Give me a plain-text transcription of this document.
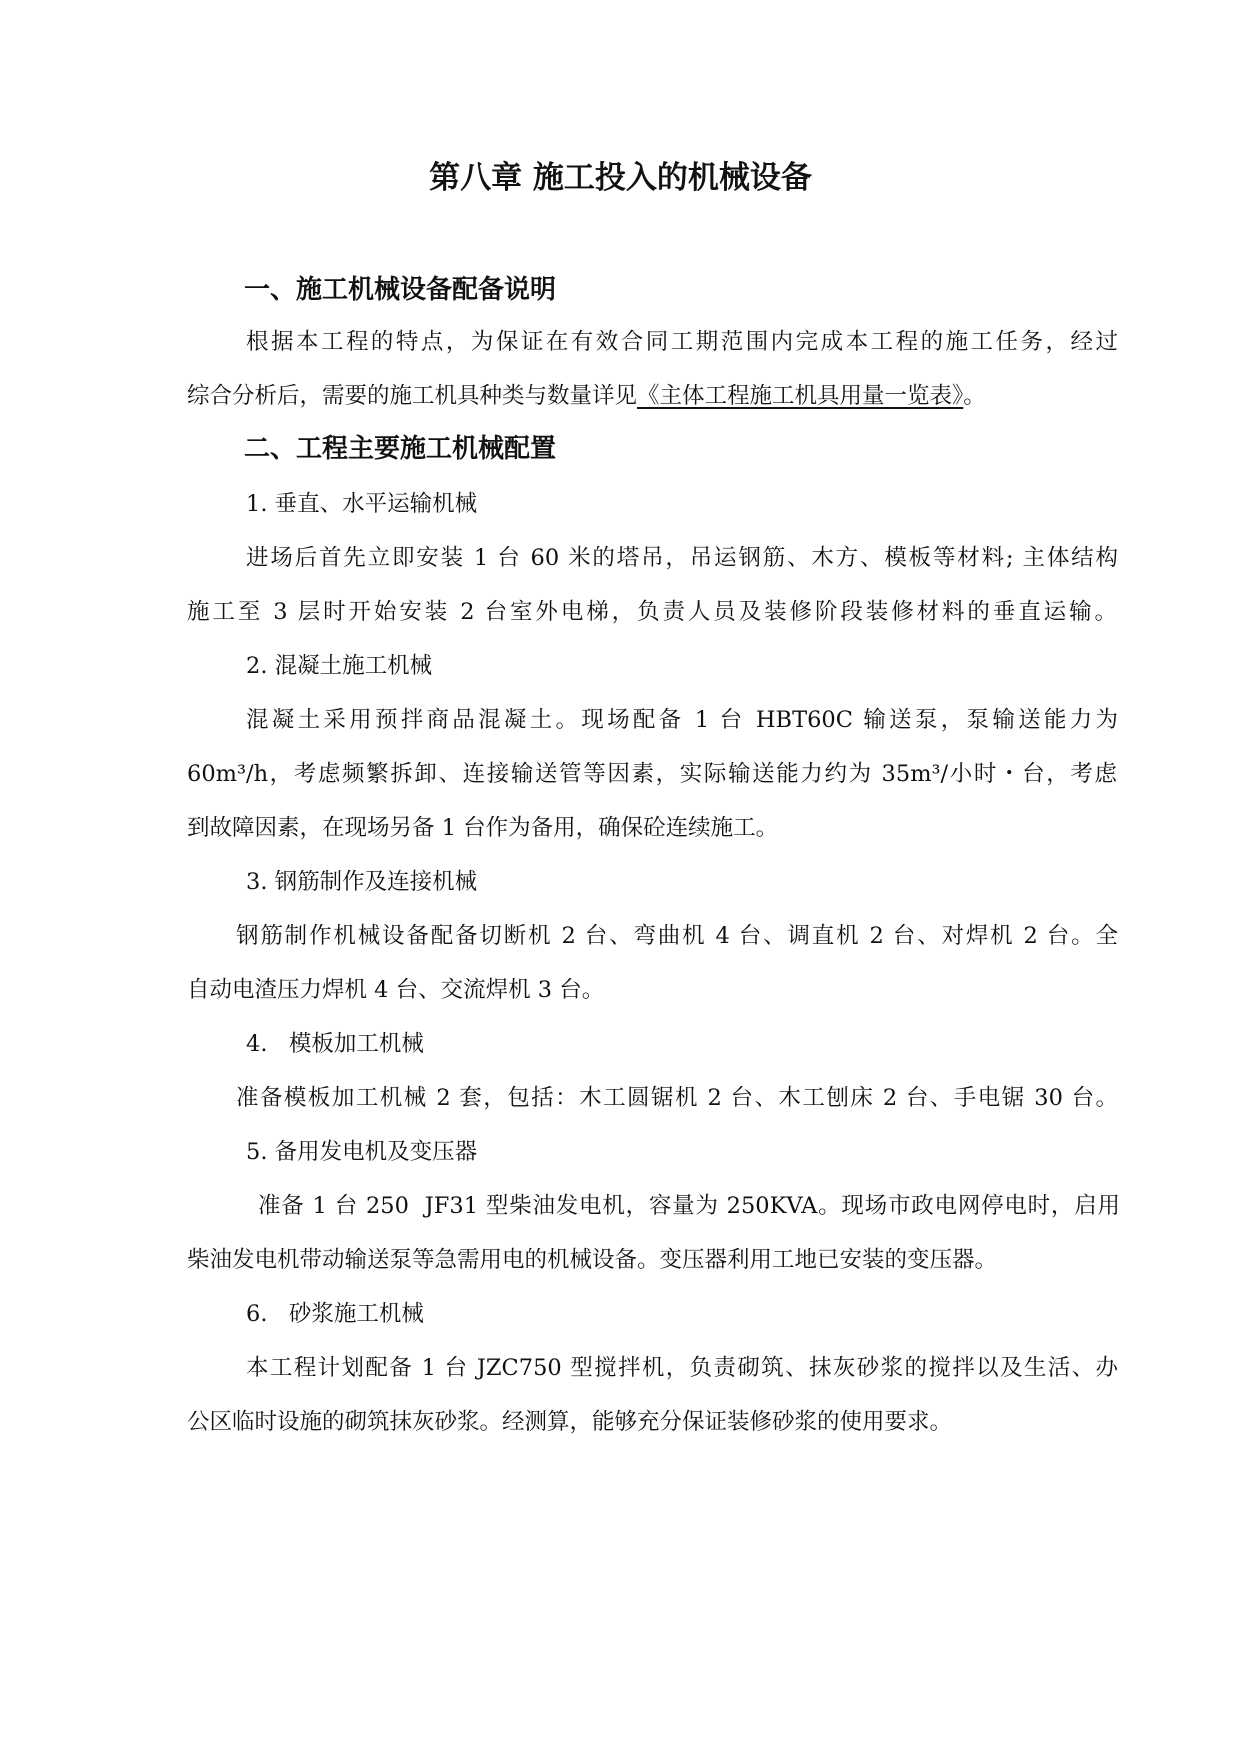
第八章 施工投入的机械设备
一、施工机械设备配备说明
根据本工程的特点，为保证在有效合同工期范围内完成本工程的施工任务，经过
综合分析后，需要的施工机具种类与数量详见《主体工程施工机具用量一览表》。
二、工程主要施工机械配置
1. 垂直、水平运输机械
进场后首先立即安装 1 台 60 米的塔吊，吊运钢筋、木方、模板等材料; 主体结构
施工至 3 层时开始安装 2 台室外电梯，负责人员及装修阶段装修材料的垂直运输。
2. 混凝土施工机械
混凝土采用预拌商品混凝土。现场配备 1 台 HBT60C 输送泵，泵输送能力为
60m³/h，考虑频繁拆卸、连接输送管等因素，实际输送能力约为 35m³/小时・台，考虑
到故障因素，在现场另备 1 台作为备用，确保砼连续施工。
3. 钢筋制作及连接机械
钢筋制作机械设备配备切断机 2 台、弯曲机 4 台、调直机 2 台、对焊机 2 台。全
自动电渣压力焊机 4 台、交流焊机 3 台。
4.   模板加工机械
准备模板加工机械 2 套，包括：木工圆锯机 2 台、木工刨床 2 台、手电锯 30 台。
5. 备用发电机及变压器
准备 1 台 250  JF31 型柴油发电机，容量为 250KVA。现场市政电网停电时，启用
柴油发电机带动输送泵等急需用电的机械设备。变压器利用工地已安装的变压器。
6.   砂浆施工机械
本工程计划配备 1 台 JZC750 型搅拌机，负责砌筑、抹灰砂浆的搅拌以及生活、办
公区临时设施的砌筑抹灰砂浆。经测算，能够充分保证装修砂浆的使用要求。
